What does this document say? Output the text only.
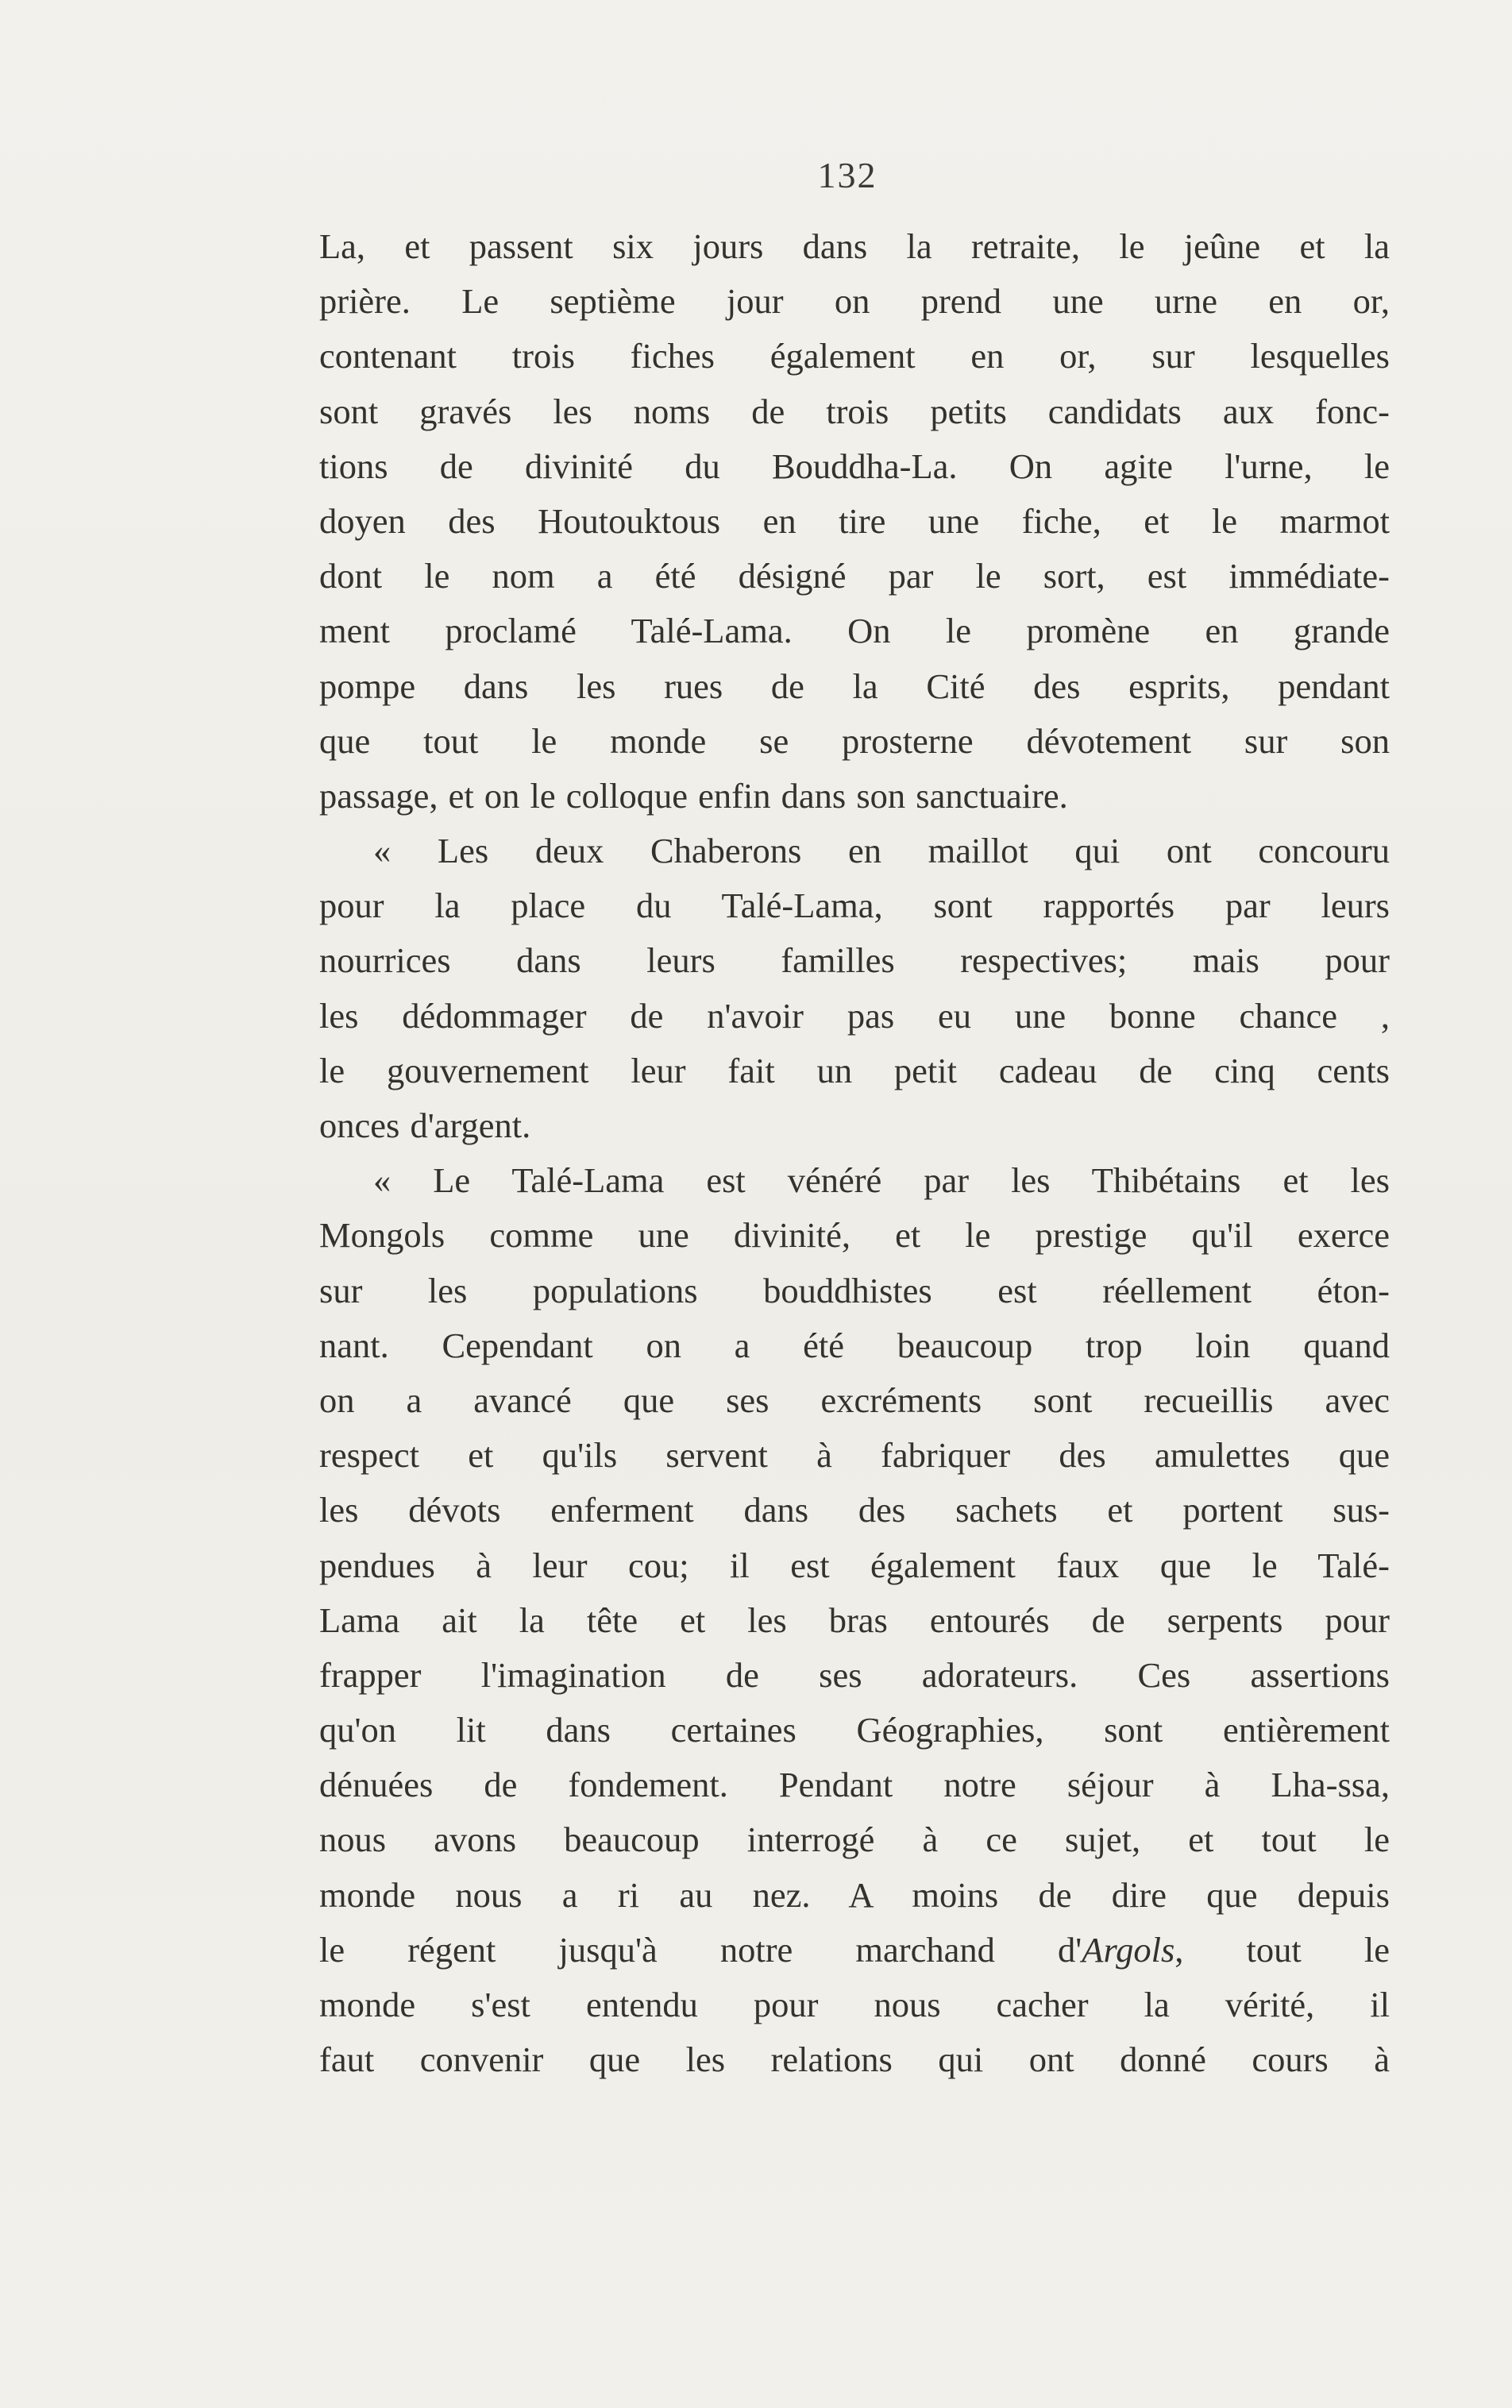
132
La, et passent six jours dans la retraite, le jeûne et la
prière. Le septième jour on prend une urne en or,
contenant trois fiches également en or, sur lesquelles
sont gravés les noms de trois petits candidats aux fonc-
tions de divinité du Bouddha-La. On agite l'urne, le
doyen des Houtouktous en tire une fiche, et le marmot
dont le nom a été désigné par le sort, est immédiate-
ment proclamé Talé-Lama. On le promène en grande
pompe dans les rues de la Cité des esprits, pendant
que tout le monde se prosterne dévotement sur son
passage, et on le colloque enfin dans son sanctuaire.
« Les deux Chaberons en maillot qui ont concouru
pour la place du Talé-Lama, sont rapportés par leurs
nourrices dans leurs familles respectives; mais pour
les dédommager de n'avoir pas eu une bonne chance ,
le gouvernement leur fait un petit cadeau de cinq cents
onces d'argent.
« Le Talé-Lama est vénéré par les Thibétains et les
Mongols comme une divinité, et le prestige qu'il exerce
sur les populations bouddhistes est réellement éton-
nant. Cependant on a été beaucoup trop loin quand
on a avancé que ses excréments sont recueillis avec
respect et qu'ils servent à fabriquer des amulettes que
les dévots enferment dans des sachets et portent sus-
pendues à leur cou; il est également faux que le Talé-
Lama ait la tête et les bras entourés de serpents pour
frapper l'imagination de ses adorateurs. Ces assertions
qu'on lit dans certaines Géographies, sont entièrement
dénuées de fondement. Pendant notre séjour à Lha-ssa,
nous avons beaucoup interrogé à ce sujet, et tout le
monde nous a ri au nez. A moins de dire que depuis
le régent jusqu'à notre marchand d'Argols, tout le
monde s'est entendu pour nous cacher la vérité, il
faut convenir que les relations qui ont donné cours à
